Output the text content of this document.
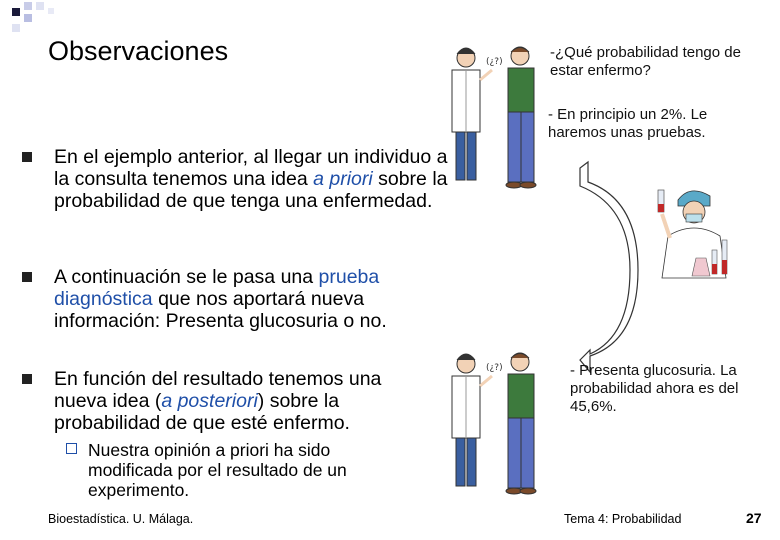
Observaciones	(¿?)
-¿Qué probabilidad tengo de estar enfermo?
- En principio un 2%. Le haremos unas pruebas.
(¿?)	- Presenta glucosuria. La probabilidad ahora es del 45,6%.
En el ejemplo anterior, al llegar un individuo a la consulta tenemos una idea a priori sobre la probabilidad de que tenga una enfermedad.
A continuación se le pasa una prueba diagnóstica que nos aportará nueva información: Presenta glucosuria o no.
En función del resultado tenemos una nueva idea (a posteriori) sobre la probabilidad de que esté enfermo.
Nuestra opinión a priori ha sido modificada por el resultado de un experimento.
Bioestadística. U. Málaga.	Tema 4: Probabilidad	27
